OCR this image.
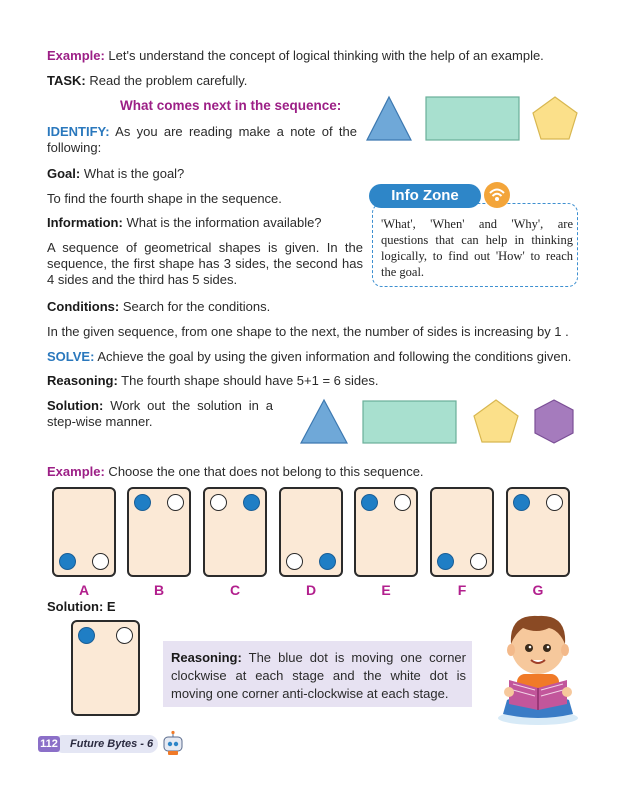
Example: Let's understand the concept of logical thinking with the help of an example.
TASK: Read the problem carefully.
What comes next in the sequence:
IDENTIFY: As you are reading make a note of the following:
Goal: What is the goal?
To find the fourth shape in the sequence.
Information: What is the information available?
A sequence of geometrical shapes is given. In the sequence, the first shape has 3 sides, the second has 4 sides and the third has 5 sides.
Conditions: Search for the conditions.
In the given sequence, from one shape to the next, the number of sides is increasing by 1 .
SOLVE: Achieve the goal by using the given information and following the conditions given.
Reasoning: The fourth shape should have 5+1 = 6 sides.
Solution: Work out the solution in a step-wise manner.
Info Zone
'What', 'When' and 'Why', are questions that can help in thinking logically, to find out 'How' to reach the goal.
Example: Choose the one that does not belong to this sequence.
A	B	C	D	E	F	G
Solution: E
Reasoning: The blue dot is moving one corner clockwise at each stage and the white dot is moving one corner anti-clockwise at each stage.
Future Bytes - 6
112
